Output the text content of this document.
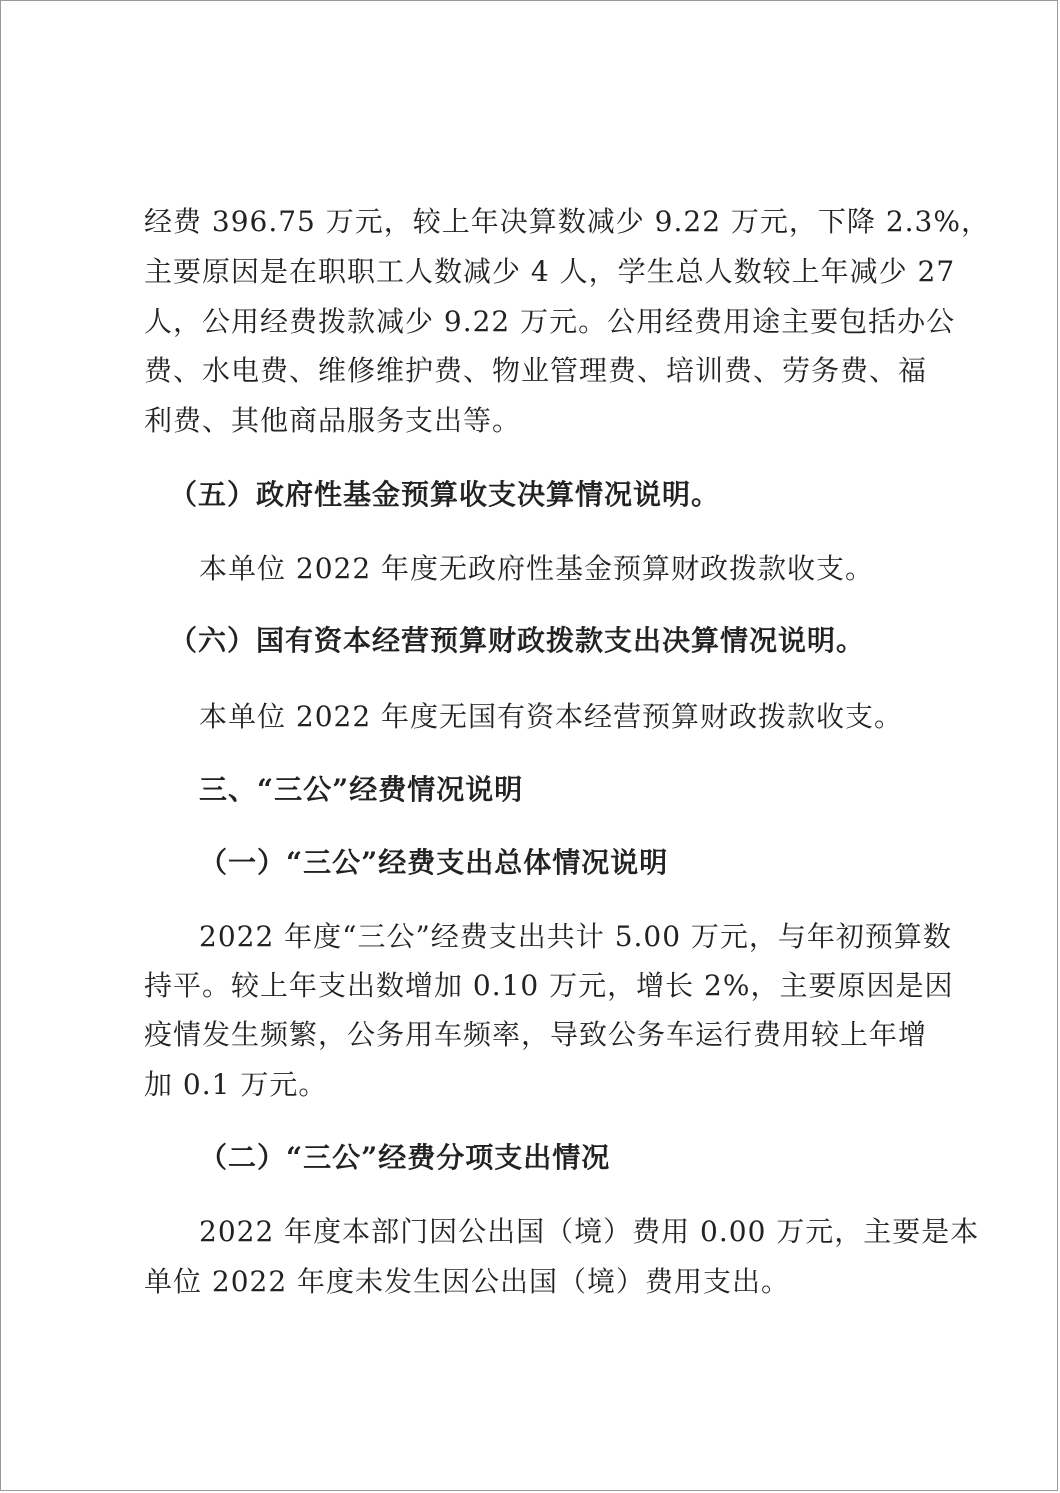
经费 396.75 万元，较上年决算数减少 9.22 万元，下降 2.3%，
主要原因是在职职工人数减少 4 人，学生总人数较上年减少 27
人，公用经费拨款减少 9.22 万元。公用经费用途主要包括办公
费、水电费、维修维护费、物业管理费、培训费、劳务费、福
利费、其他商品服务支出等。
（五）政府性基金预算收支决算情况说明。
本单位 2022 年度无政府性基金预算财政拨款收支。
（六）国有资本经营预算财政拨款支出决算情况说明。
本单位 2022 年度无国有资本经营预算财政拨款收支。
三、“三公”经费情况说明
（一）“三公”经费支出总体情况说明
2022 年度“三公”经费支出共计 5.00 万元，与年初预算数
持平。较上年支出数增加 0.10 万元，增长 2%，主要原因是因
疫情发生频繁，公务用车频率，导致公务车运行费用较上年增
加 0.1 万元。
（二）“三公”经费分项支出情况
2022 年度本部门因公出国（境）费用 0.00 万元，主要是本
单位 2022 年度未发生因公出国（境）费用支出。
